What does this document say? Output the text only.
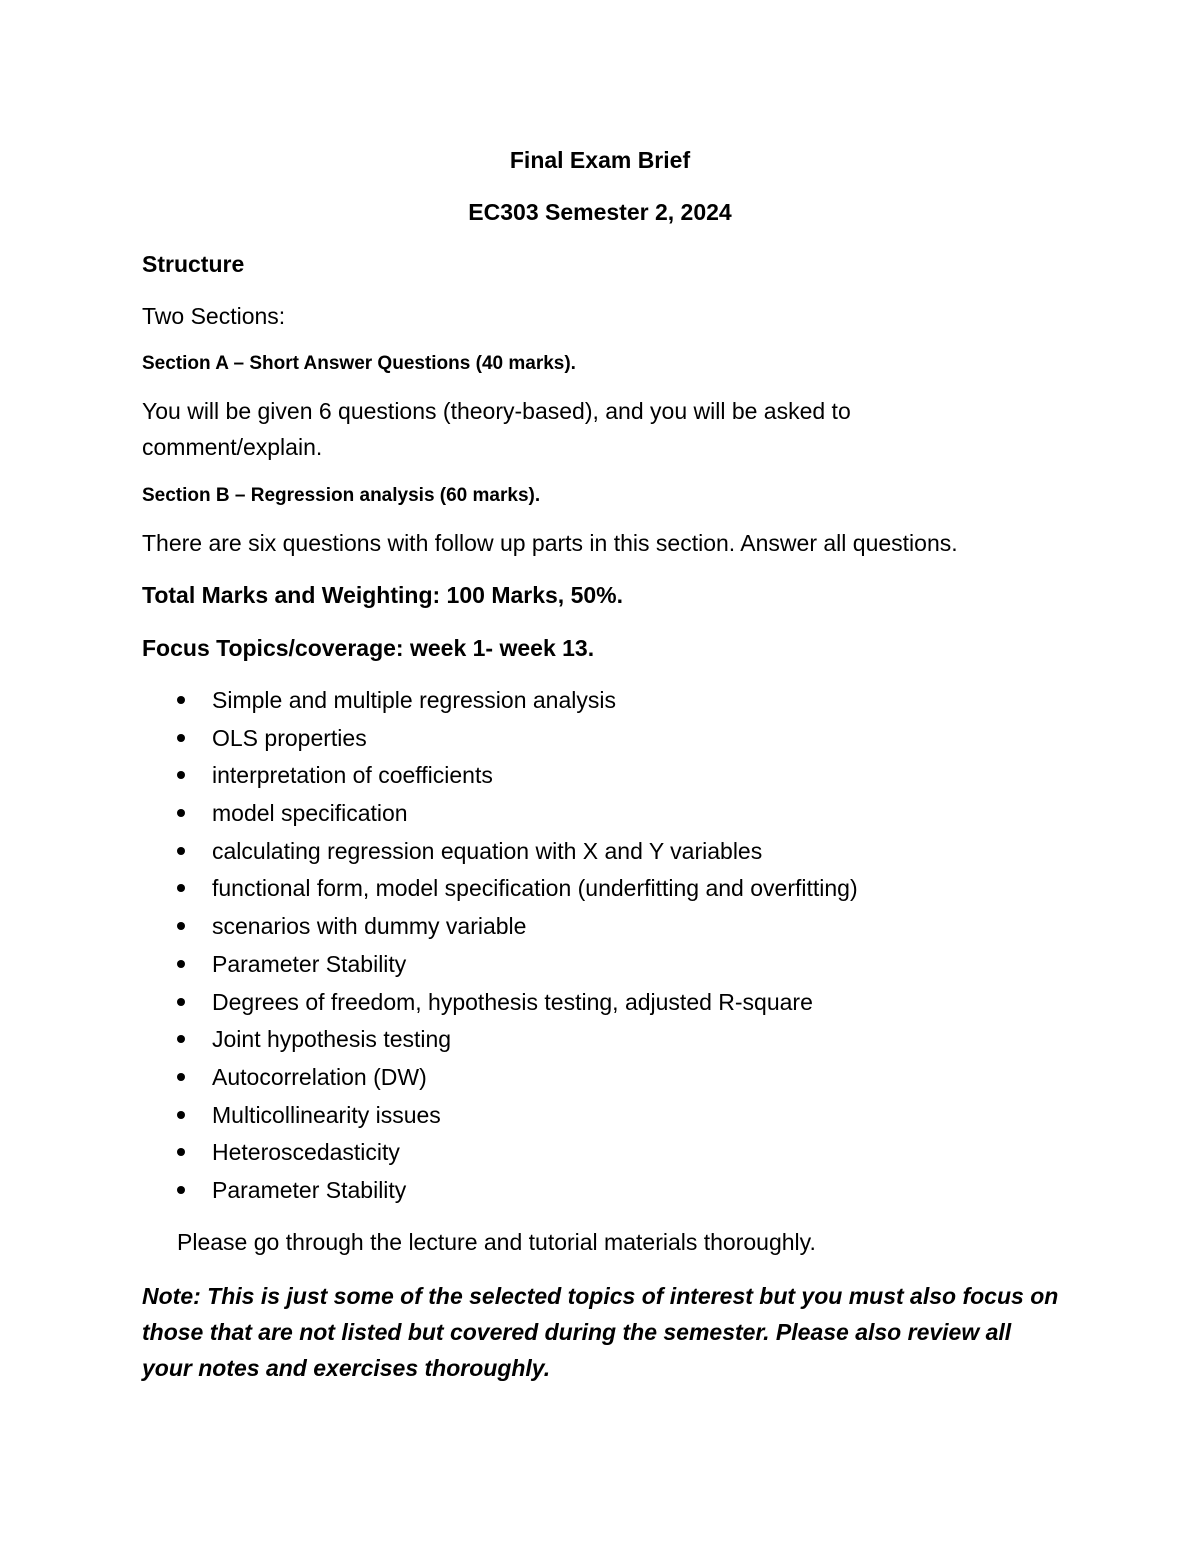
Final Exam Brief
EC303 Semester 2, 2024
Structure
Two Sections:
Section A – Short Answer Questions (40 marks).
You will be given 6 questions (theory-based), and you will be asked to
comment/explain.
Section B – Regression analysis (60 marks).
There are six questions with follow up parts in this section. Answer all questions.
Total Marks and Weighting: 100 Marks, 50%.
Focus Topics/coverage: week 1- week 13.
Simple and multiple regression analysis
OLS properties
interpretation of coefficients
model specification
calculating regression equation with X and Y variables
functional form, model specification (underfitting and overfitting)
scenarios with dummy variable
Parameter Stability
Degrees of freedom, hypothesis testing, adjusted R-square
Joint hypothesis testing
Autocorrelation (DW)
Multicollinearity issues
Heteroscedasticity
Parameter Stability
Please go through the lecture and tutorial materials thoroughly.
Note: This is just some of the selected topics of interest but you must also focus on those that are not listed but covered during the semester. Please also review all your notes and exercises thoroughly.
